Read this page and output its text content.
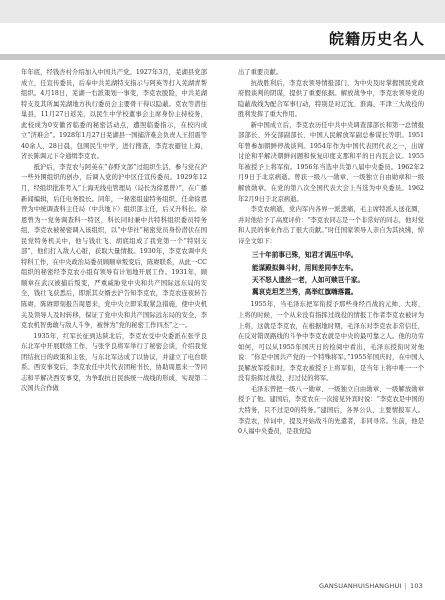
皖籍历史名人

年年底，经钱杏村介绍加入中国共产党。1927年3月，芜湖县党部成立，任宣传委员，后奉中共芜湖特支指示与阿英等打入芜湖青帮组织。4月18日，芜湖一右派策划一事变，李克农脱险，中共芜湖特支及其所属芜湖地方执行委员会主要骨干得以隐蔽。克农等潜往巢县，11月27日返芜，以民生中学校董事会主席身份主持校务，此校成为0安徽省临委的秘密活动点，遭照临委指示，在校内成立“济难会”。1928年1月27日芜湖县一国捕济难会负责人王招震等40余人，28日晨，包围民生中学，进行搜查，李克农避往上海，省长陈调元下令通缉李克农。

抵沪后，李克农与阿英在“春野文部”过组织生活，参与党在沪一些外围组织的创办，后调入党的沪中区任宣传委员。1929年12月，经组织批准考入“上海无线电管理局（局长为徐恩曾）”，在广播新闻编辑，后任电务股长。同年，一秘密组建特务组织，任命徐恩曾为中统调查科主任局（中共地下）组织部主任，后又升科长。徐恩曾为一党务调查科一特区，科长同时兼中共特科组织委员特务组，李克农被秘密调入该组织，以“中华社”秘密党员身份潜伏在国民党特务机关中，他与钱壮飞、胡底组成了我党第一个“特别支部”，他们打入敌人心脏，获取大量情报。1930年，李克农调中央特科工作，在中央政治局委员顾顺章叛变后，陈赓联系，从此一CC组织的秘密经李克农小组有领导有计划地开展工作。1931年，顾顺章在武汉被捕后叛变，严重威胁党中央和共产国际远东局的安全，钱壮飞获悉后，即派其女婿去沪告知李克农，李克农连夜转告陈赓，陈赓即刻报告周恩来，党中央立即采取紧急措施，使中央机关及领导人及时转移，保证了党中央和共产国际远东局的安全，李克农机智勇敢与敌人斗争，被誉为“党的秘密工作四杰”之一。

1935年，红军长征到达陕北后，李克农受中央委派在张学良东北军中开展联络工作，与张学良将军举行了秘密会谈，介绍我党团结抗日的政策和主张，与东北军达成了以协议，并建立了电台联系。西安事变后，李克农任中共代表团秘书长，协助周恩来一等同志和平解决西安事变，为争取抗日民族统一战线的形成，实现第二次国共合作做

出了重要贡献。

抗战胜利后，李克农领导情报部门，为中央及时掌握国民党政府假谈判的阴谋，提供了重要依据。解放战争中，李克农领导党的隐蔽战线为配合军事行动，特别是对辽沈、淮海、平津三大战役的胜利发挥了重大作用。

新中国成立后，李克农历任中共中央调查部部长和第一总情报部部长、外交部副部长、中国人民解放军副总参谋长等职。1951年曾参加朝鲜停战谈判。1954年作为中国代表团代表之一，出席讨论和平解决朝鲜问题和恢复印度支那和平的日内瓦会议。1955年被授予上将军衔。1956年当选中共第八届中央委员。1962年2月9日于北京病逝。曾获一级八一勋章、一级独立自由勋章和一级解放勋章。在党的第八次全国代表大会上当选为中央委员。1962年2月9日于北京病逝。

李克农病逝，党内军内各界一派悲痛，毛主席特派人送花圈，并对他给予了高度评价：“李克农同志是一个非常好的同志，他对党和人民的事业作出了很大贡献。”时任国家领导人亲自为其执绋，悼诗全文如下：

三十年前事已殊，知君才调压中华。
能谋殿拟舞斗时，用间差同李左车。
天不怒人遗丝一老，人如可赎岂千家。
冀哀克坦芝兰秀，高举红旗嗨落霞。

1955年，当毛泽东把军衔授予那些身经百战的元帅、大将、上将的时候，一个从来没有指挥过战役的情报工作者李克农被评为上将，这就是李克农，在根据地时期，毛泽东对李克农非常信任，在反对错误路线的斗争中李克农就是中央的最可靠之人。他的功劳如何，可以从1955年国庆日的检阅中看出，毛泽东授衔时对他说：“你是中国共产党的一个特殊将军。”1955年国庆时，在中国人民解放军授衔时，李克农被授予上将军衔，是当年上将中唯一一个没有指挥过战役、打过仗的将军。

毛泽东曾把一级八一勋章、一级独立自由勋章、一级解放勋章授予了他。建国后，李克农在一次接见外宾时说：“李克农是中国的大特务，只不过是0的特务。”建国后，各界公认，主要情报军人。李克农，悼词中，提及开始战斗的先遣者，非同寻常。生前，他是0人福中央委员，是我党隐

GANSUANHUISHANGHUI | 103
